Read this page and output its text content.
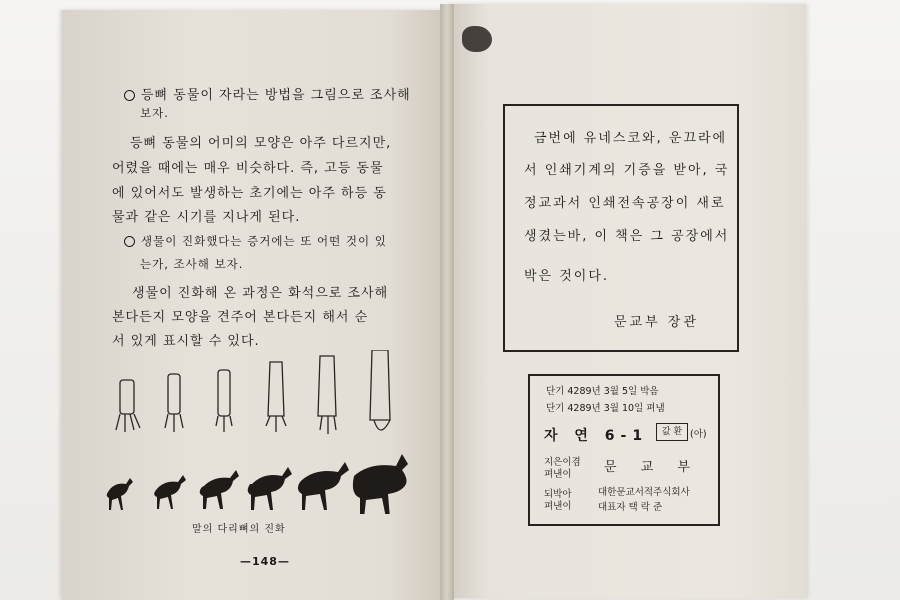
등뼈 동물이 자라는 방법을 그림으로 조사해
보자.
등뼈 동물의 어미의 모양은 아주 다르지만,
어렸을 때에는 매우 비슷하다. 즉, 고등 동물
에 있어서도 발생하는 초기에는 아주 하등 동
물과 같은 시기를 지나게 된다.
생물이 진화했다는 증거에는 또 어떤 것이 있
는가, 조사해 보자.
생물이 진화해 온 과정은 화석으로 조사해
본다든지 모양을 견주어 본다든지 해서 순
서 있게 표시할 수 있다.
말의 다리뼈의 진화
—148—
금번에 유네스코와, 운끄라에
서 인쇄기계의 기증을 받아, 국
정교과서 인쇄전속공장이 새로
생겼는바, 이 책은 그 공장에서
박은 것이다.
문교부 장관
단기 4289년 3월 5일 박음
단기 4289년 3월 10일 펴냄
자 연 6-1	값 환 (아)
지은이겸
펴낸이 문 교 부
되박아
펴낸이
대한문교서적주식회사
대표자 택 락 준
